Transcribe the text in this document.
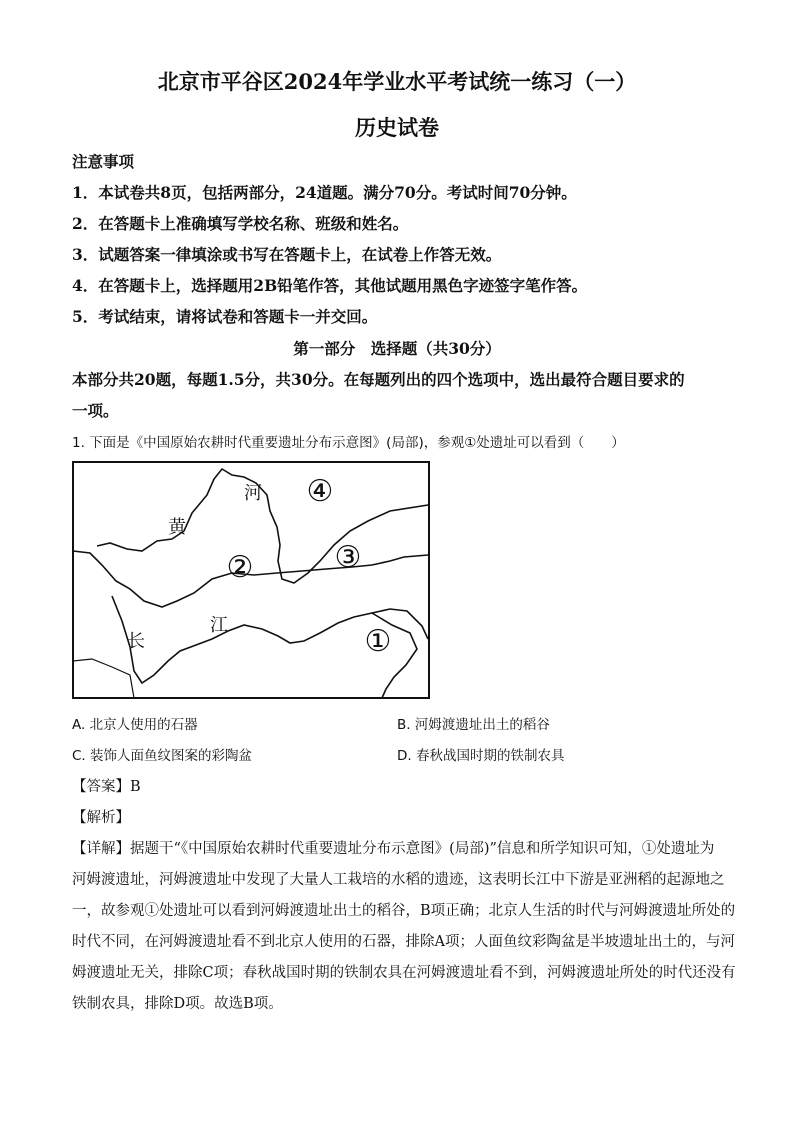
北京市平谷区2024年学业水平考试统一练习（一）
历史试卷
注意事项
1．本试卷共8页，包括两部分，24道题。满分70分。考试时间70分钟。
2．在答题卡上准确填写学校名称、班级和姓名。
3．试题答案一律填涂或书写在答题卡上，在试卷上作答无效。
4．在答题卡上，选择题用2B铅笔作答，其他试题用黑色字迹签字笔作答。
5．考试结束，请将试卷和答题卡一并交回。
第一部分　选择题（共30分）
本部分共20题，每题1.5分，共30分。在每题列出的四个选项中，选出最符合题目要求的
一项。
1. 下面是《中国原始农耕时代重要遗址分布示意图》(局部)，参观①处遗址可以看到（　　）
河
黄
长
江
④
②	③
①
A. 北京人使用的石器	B. 河姆渡遗址出土的稻谷
C. 装饰人面鱼纹图案的彩陶盆	D. 春秋战国时期的铁制农具
【答案】B
【解析】
【详解】据题干“《中国原始农耕时代重要遗址分布示意图》(局部)”信息和所学知识可知，①处遗址为
河姆渡遗址，河姆渡遗址中发现了大量人工栽培的水稻的遗迹，这表明长江中下游是亚洲稻的起源地之
一，故参观①处遗址可以看到河姆渡遗址出土的稻谷，B项正确；北京人生活的时代与河姆渡遗址所处的
时代不同，在河姆渡遗址看不到北京人使用的石器，排除A项；人面鱼纹彩陶盆是半坡遗址出土的，与河
姆渡遗址无关，排除C项；春秋战国时期的铁制农具在河姆渡遗址看不到，河姆渡遗址所处的时代还没有
铁制农具，排除D项。故选B项。
